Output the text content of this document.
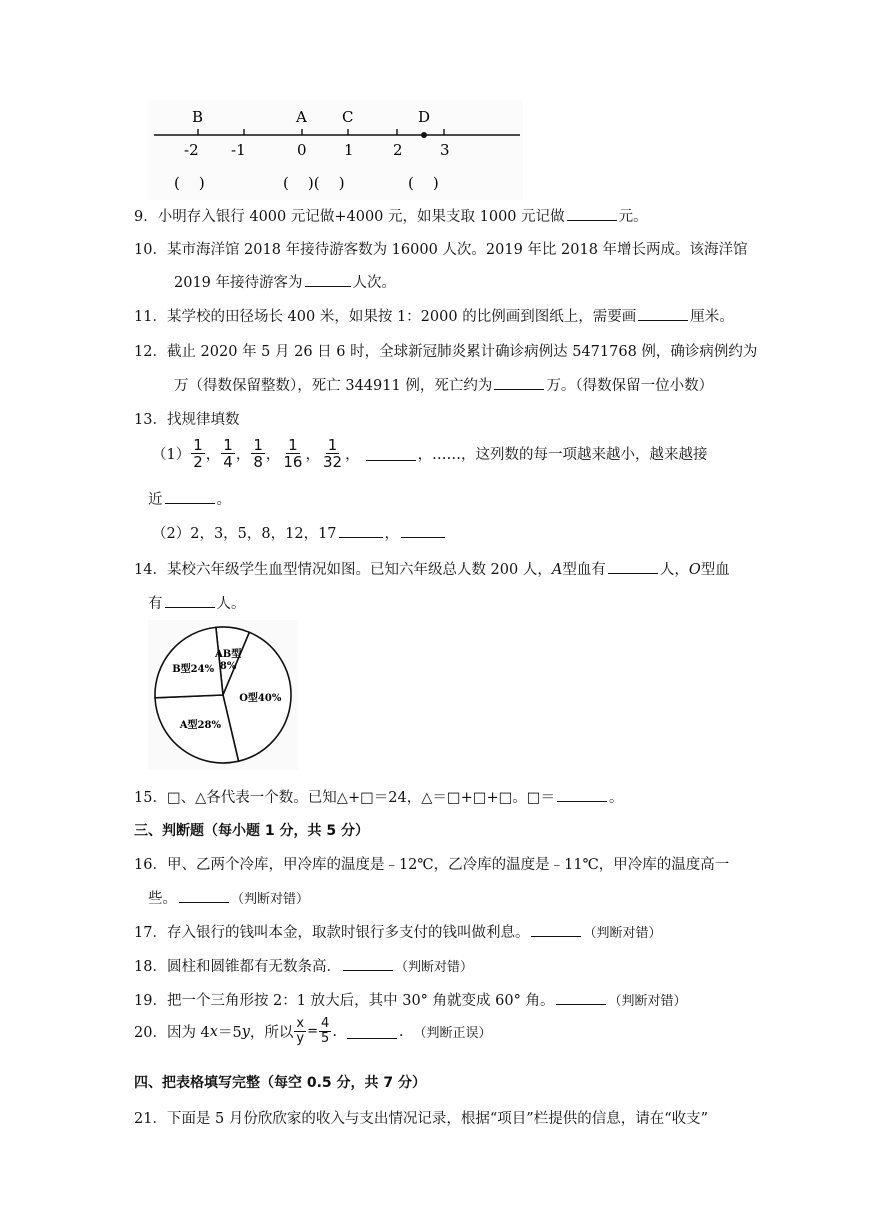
B	A C	D
-2 -1	0 1	2 3
(    )	(    )(    )	(    )
9．小明存入银行 4000 元记做+4000 元，如果支取 1000 元记做	元。
10．某市海洋馆 2018 年接待游客数为 16000 人次。2019 年比 2018 年增长两成。该海洋馆
2019 年接待游客为	人次。
11．某学校的田径场长 400 米，如果按 1：2000 的比例画到图纸上，需要画	厘米。
12．截止 2020 年 5 月 26 日 6 时，全球新冠肺炎累计确诊病例达 5471768 例，确诊病例约为
万（得数保留整数），死亡 344911 例，死亡约为	万。（得数保留一位小数）
13．找规律填数
$(1) \frac{1}{2}$ ， $\frac{1}{4}$ ， $\frac{1}{8}$ ， $\frac{1}{16}$ ， $\frac{1}{32}$ ，	，……，这列数的每一项越来越小，越来越接
近	。
（2）2，3，5，8，12，17	，
14．某校六年级学生血型情况如图。已知六年级总人数 200 人，A型血有	人，O型血
有	人。
AB型 8%
O型40%
A型28%
B型24%
15．□、△各代表一个数。已知△+□＝24，△＝□+□+□。□＝	。
三、判断题（每小题 1 分，共 5 分）
16．甲、乙两个冷库，甲冷库的温度是﹣12℃，乙冷库的温度是﹣11℃，甲冷库的温度高一
些。	（判断对错）
17．存入银行的钱叫本金，取款时银行多支付的钱叫做利息。	（判断对错）
18．圆柱和圆锥都有无数条高．	（判断对错）
19．把一个三角形按 2：1 放大后，其中 30° 角就变成 60° 角。	（判断对错）
20． 因为 4 x ＝5 y ，所以 $\frac{x}{y} = \frac{4}{5}$ .	. （判断正误）
四、把表格填写完整（每空 0.5 分，共 7 分）
21．下面是 5 月份欣欣家的收入与支出情况记录，根据“项目”栏提供的信息，请在“收支”
